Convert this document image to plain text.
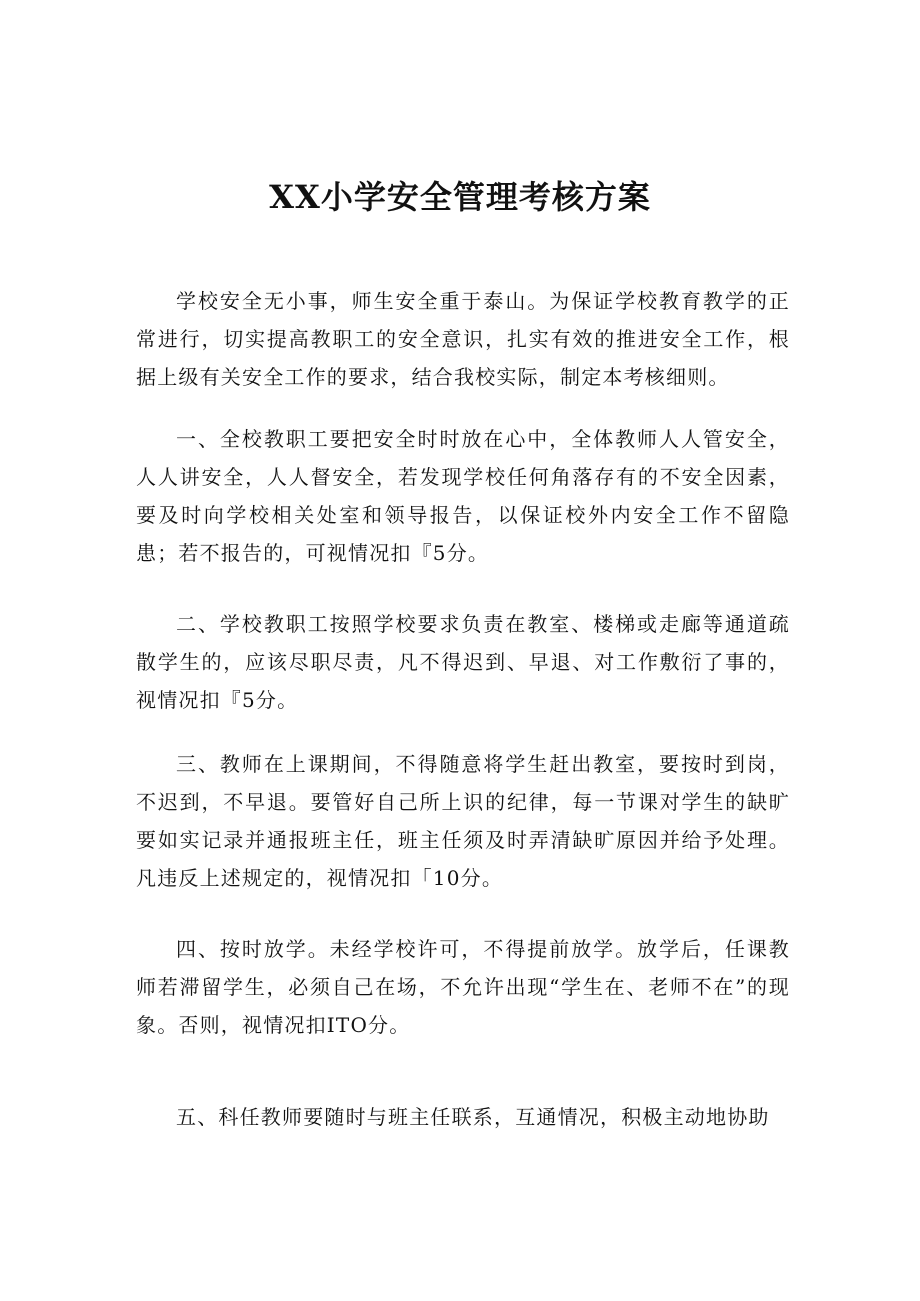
XX小学安全管理考核方案

学校安全无小事，师生安全重于泰山。为保证学校教育教学的正常进行，切实提高教职工的安全意识，扎实有效的推进安全工作，根据上级有关安全工作的要求，结合我校实际，制定本考核细则。

一、全校教职工要把安全时时放在心中，全体教师人人管安全，人人讲安全，人人督安全，若发现学校任何角落存有的不安全因素，要及时向学校相关处室和领导报告，以保证校外内安全工作不留隐患；若不报告的，可视情况扣『5分。

二、学校教职工按照学校要求负责在教室、楼梯或走廊等通道疏散学生的，应该尽职尽责，凡不得迟到、早退、对工作敷衍了事的，视情况扣『5分。

三、教师在上课期间，不得随意将学生赶出教室，要按时到岗，不迟到，不早退。要管好自己所上识的纪律，每一节课对学生的缺旷要如实记录并通报班主任，班主任须及时弄清缺旷原因并给予处理。凡违反上述规定的，视情况扣「10分。

四、按时放学。未经学校许可，不得提前放学。放学后，任课教师若滞留学生，必须自己在场，不允许出现“学生在、老师不在”的现象。否则，视情况扣ITO分。

五、科任教师要随时与班主任联系，互通情况，积极主动地协助
